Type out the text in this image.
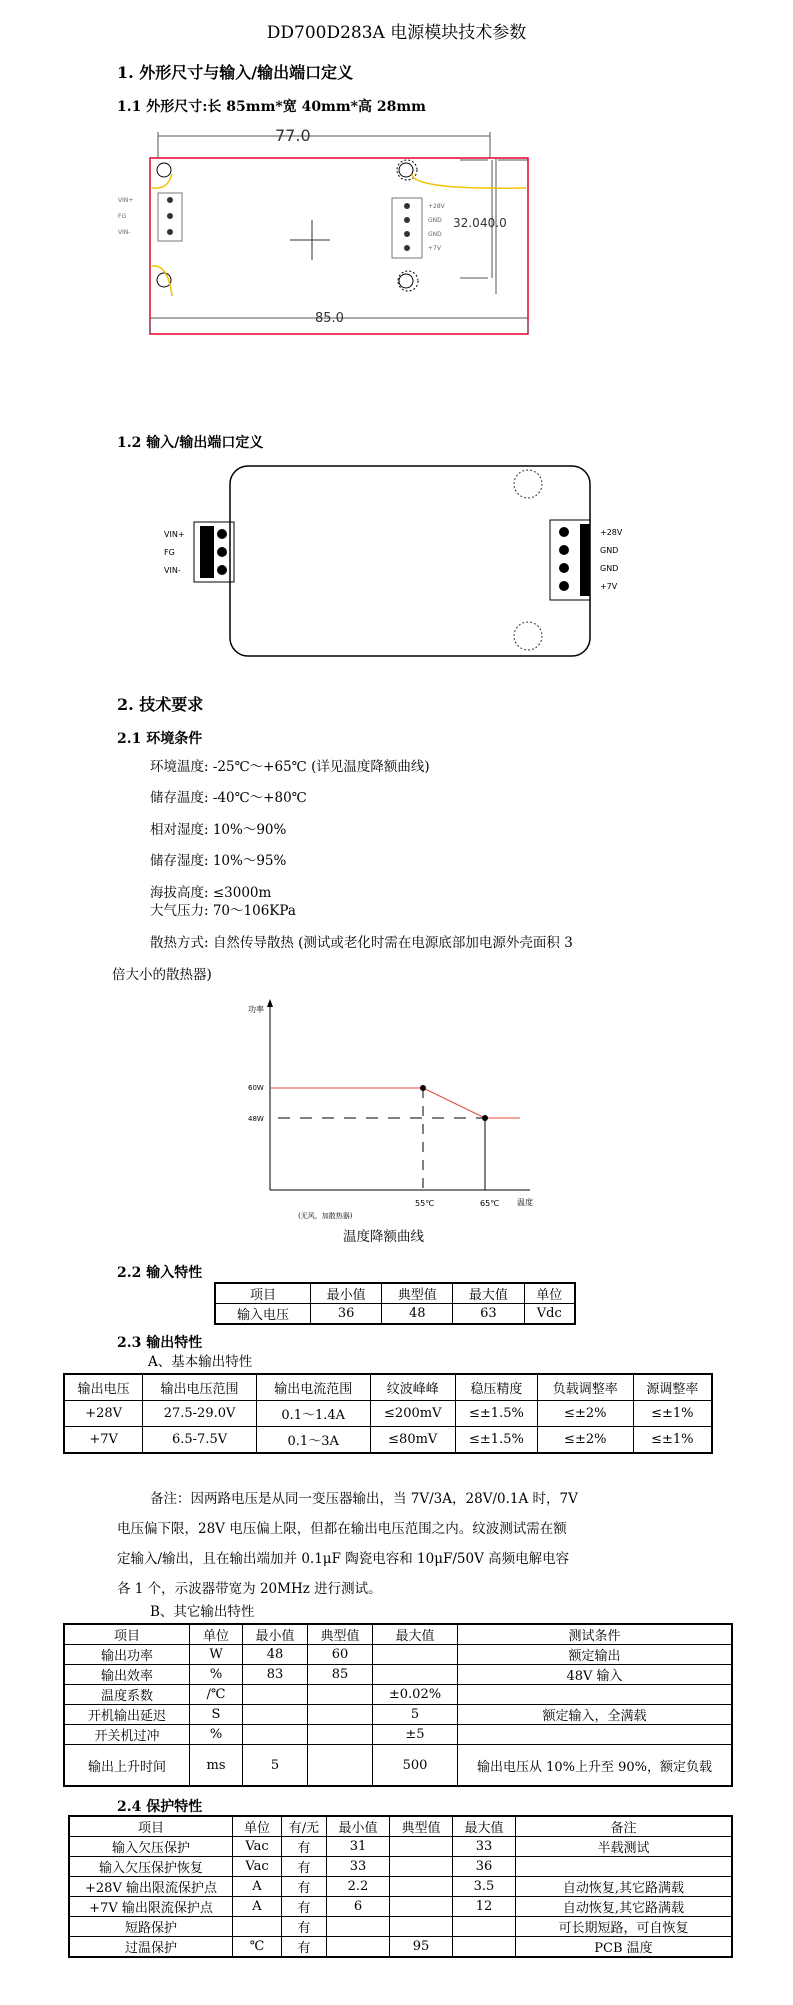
DD700D283A 电源模块技术参数
1. 外形尺寸与输入/输出端口定义
1.1 外形尺寸:长 85mm*宽 40mm*高 28mm
77.0
85.0
32.0 40.0
VIN+
FG
VIN-
+28V
GND
GND
+7V
1.2 输入/输出端口定义
VIN+
FG
VIN-
+28V
GND
GND
+7V
2. 技术要求
2.1 环境条件
环境温度: -25℃～+65℃ (详见温度降额曲线)
储存温度: -40℃～+80℃
相对湿度: 10%～90%
储存湿度: 10%～95%
海拔高度: ≤3000m
大气压力: 70～106KPa
散热方式: 自然传导散热 (测试或老化时需在电源底部加电源外壳面积 3
倍大小的散热器)
功率
温度
60W
48W
55℃	65℃
(无风，加散热器)
温度降额曲线
2.2 输入特性
项目	最小值	典型值	最大值	单位
输入电压	36	48	63	Vdc
2.3 输出特性
A、基本输出特性
输出电压	输出电压范围	输出电流范围	纹波峰峰	稳压精度	负载调整率	源调整率
+28V	27.5-29.0V	0.1～1.4A	≤200mV	≤±1.5%	≤±2%	≤±1%
+7V	6.5-7.5V	0.1～3A	≤80mV	≤±1.5%	≤±2%	≤±1%
备注：因两路电压是从同一变压器输出，当 7V/3A，28V/0.1A 时，7V
电压偏下限，28V 电压偏上限，但都在输出电压范围之内。纹波测试需在额
定输入/输出，且在输出端加并 0.1μF 陶瓷电容和 10μF/50V 高频电解电容
各 1 个，示波器带宽为 20MHz 进行测试。
B、其它输出特性
项目	单位	最小值	典型值	最大值	测试条件
输出功率	W	48	60		额定输出
输出效率	%	83	85		48V 输入
温度系数	/℃			±0.02%	
开机输出延迟	S			5	额定输入，全满载
开关机过冲	%			±5	
输出上升时间	ms	5		500	输出电压从 10%上升至 90%，额定负载
2.4 保护特性
项目	单位	有/无	最小值	典型值	最大值	备注
输入欠压保护	Vac	有	31		33	半载测试
输入欠压保护恢复	Vac	有	33		36	
+28V 输出限流保护点	A	有	2.2		3.5	自动恢复,其它路满载
+7V 输出限流保护点	A	有	6		12	自动恢复,其它路满载
短路保护		有				可长期短路，可自恢复
过温保护	℃	有		95		PCB 温度
